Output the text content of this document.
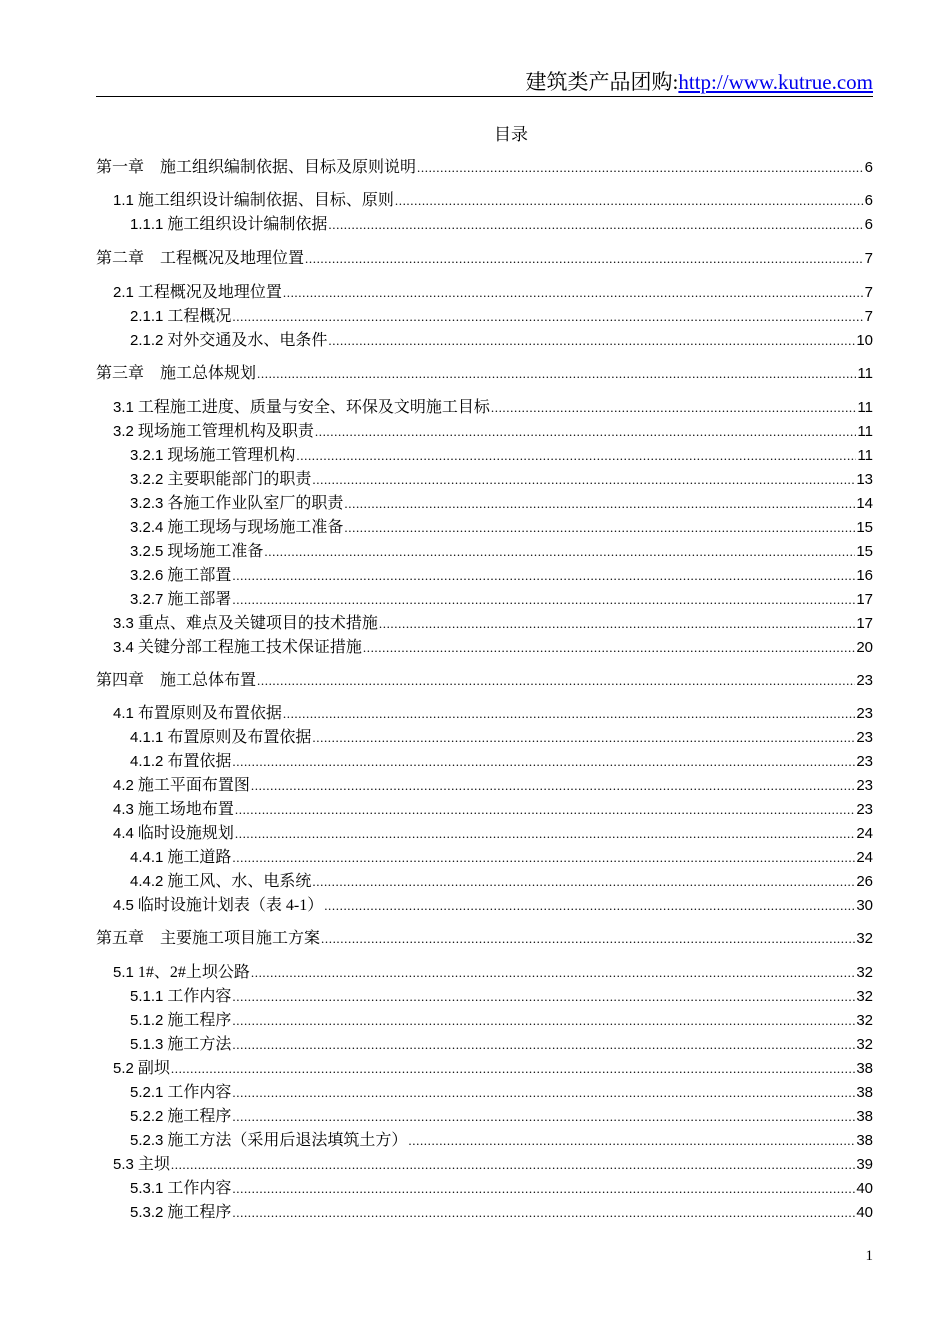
建筑类产品团购:http://www.kutrue.com
目录
第一章　施工组织编制依据、目标及原则说明 .....	6
1.1 施工组织设计编制依据、目标、原则 .....	6
1.1.1 施工组织设计编制依据 .....	6
第二章　工程概况及地理位置 .....	7
2.1 工程概况及地理位置 .....	7
2.1.1 工程概况 .....	7
2.1.2 对外交通及水、电条件 .....	10
第三章　施工总体规划 .....	11
3.1 工程施工进度、质量与安全、环保及文明施工目标 .....	11
3.2 现场施工管理机构及职责 .....	11
3.2.1 现场施工管理机构 .....	11
3.2.2 主要职能部门的职责 .....	13
3.2.3 各施工作业队室厂的职责 .....	14
3.2.4 施工现场与现场施工准备 .....	15
3.2.5 现场施工准备 .....	15
3.2.6 施工部置 .....	16
3.2.7 施工部署 .....	17
3.3 重点、难点及关键项目的技术措施 .....	17
3.4 关键分部工程施工技术保证措施 .....	20
第四章　施工总体布置 .....	23
4.1 布置原则及布置依据 .....	23
4.1.1 布置原则及布置依据 .....	23
4.1.2 布置依据 .....	23
4.2 施工平面布置图 .....	23
4.3 施工场地布置 .....	23
4.4 临时设施规划 .....	24
4.4.1 施工道路 .....	24
4.4.2 施工风、水、电系统 .....	26
4.5 临时设施计划表（表 4-1） .....	30
第五章　主要施工项目施工方案 .....	32
5.1 1#、2#上坝公路 .....	32
5.1.1 工作内容 .....	32
5.1.2 施工程序 .....	32
5.1.3 施工方法 .....	32
5.2 副坝 .....	38
5.2.1 工作内容 .....	38
5.2.2 施工程序 .....	38
5.2.3 施工方法（采用后退法填筑土方） .....	38
5.3 主坝 .....	39
5.3.1 工作内容 .....	40
5.3.2 施工程序 .....	40
1
